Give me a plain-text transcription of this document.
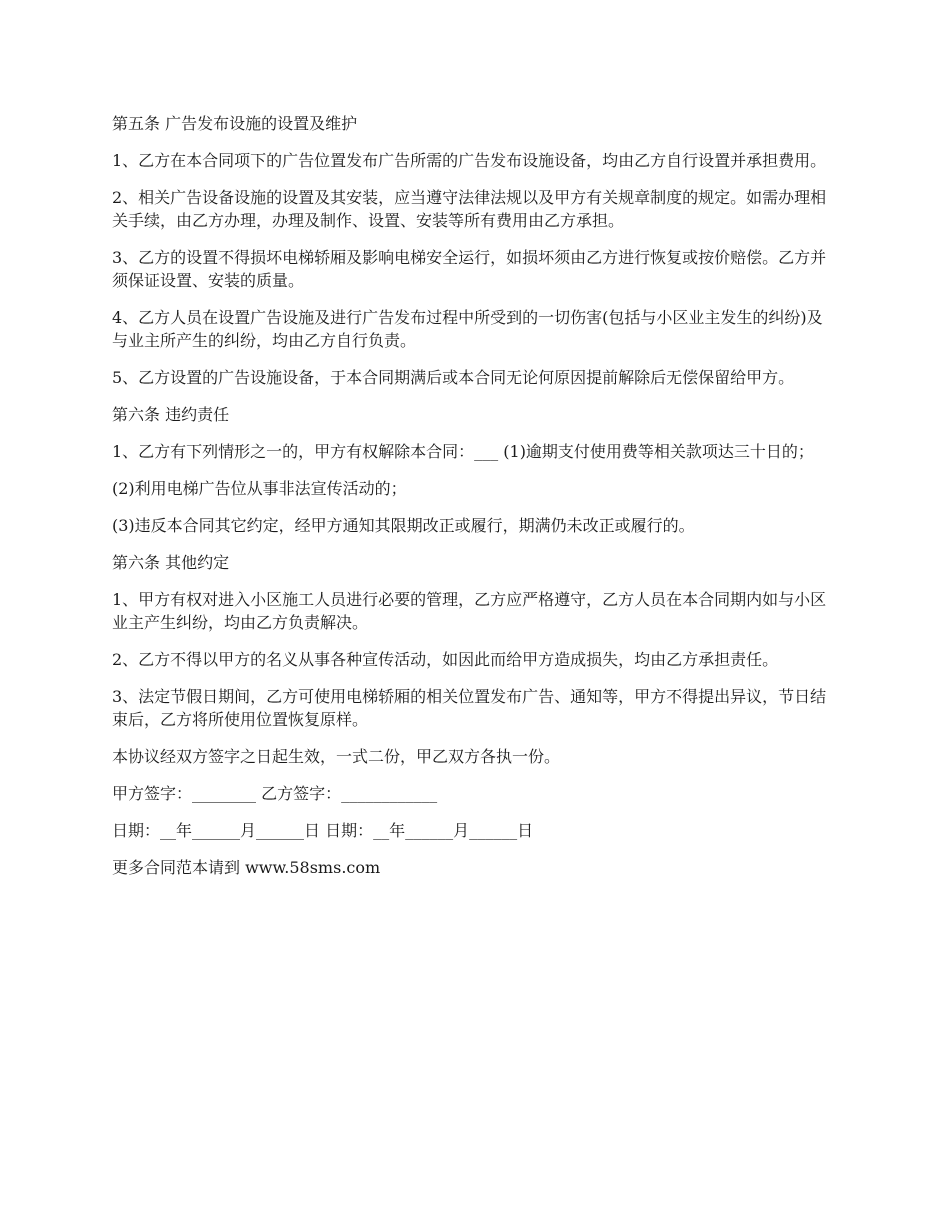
第五条 广告发布设施的设置及维护

1、乙方在本合同项下的广告位置发布广告所需的广告发布设施设备，均由乙方自行设置并承担费用。

2、相关广告设备设施的设置及其安装，应当遵守法律法规以及甲方有关规章制度的规定。如需办理相关手续，由乙方办理，办理及制作、设置、安装等所有费用由乙方承担。

3、乙方的设置不得损坏电梯轿厢及影响电梯安全运行，如损坏须由乙方进行恢复或按价赔偿。乙方并须保证设置、安装的质量。

4、乙方人员在设置广告设施及进行广告发布过程中所受到的一切伤害(包括与小区业主发生的纠纷)及与业主所产生的纠纷，均由乙方自行负责。

5、乙方设置的广告设施设备，于本合同期满后或本合同无论何原因提前解除后无偿保留给甲方。

第六条 违约责任

1、乙方有下列情形之一的，甲方有权解除本合同：___ (1)逾期支付使用费等相关款项达三十日的；

(2)利用电梯广告位从事非法宣传活动的；

(3)违反本合同其它约定，经甲方通知其限期改正或履行，期满仍未改正或履行的。

第六条 其他约定

1、甲方有权对进入小区施工人员进行必要的管理，乙方应严格遵守，乙方人员在本合同期内如与小区业主产生纠纷，均由乙方负责解决。

2、乙方不得以甲方的名义从事各种宣传活动，如因此而给甲方造成损失，均由乙方承担责任。

3、法定节假日期间，乙方可使用电梯轿厢的相关位置发布广告、通知等，甲方不得提出异议，节日结束后，乙方将所使用位置恢复原样。

本协议经双方签字之日起生效，一式二份，甲乙双方各执一份。

甲方签字：________ 乙方签字：____________

日期：__年______月______日 日期：__年______月______日

更多合同范本请到 www.58sms.com
